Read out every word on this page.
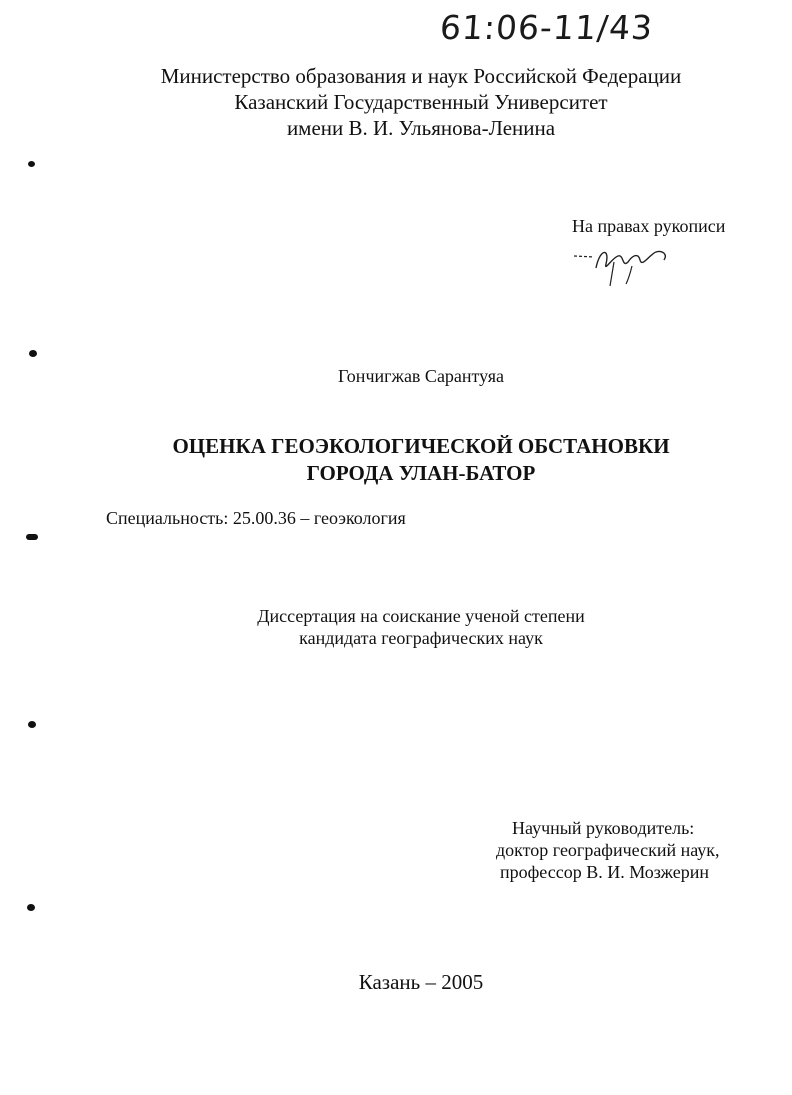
61:06-11/43
Министерство образования и наук Российской Федерации
Казанский Государственный Университет
имени В. И. Ульянова-Ленина
На правах рукописи
Гончигжав Сарантуяа
ОЦЕНКА ГЕОЭКОЛОГИЧЕСКОЙ ОБСТАНОВКИ
ГОРОДА УЛАН-БАТОР
Специальность: 25.00.36 – геоэкология
Диссертация на соискание ученой степени
кандидата географических наук
Научный руководитель:
доктор географический наук,
профессор В. И. Мозжерин
Казань – 2005
